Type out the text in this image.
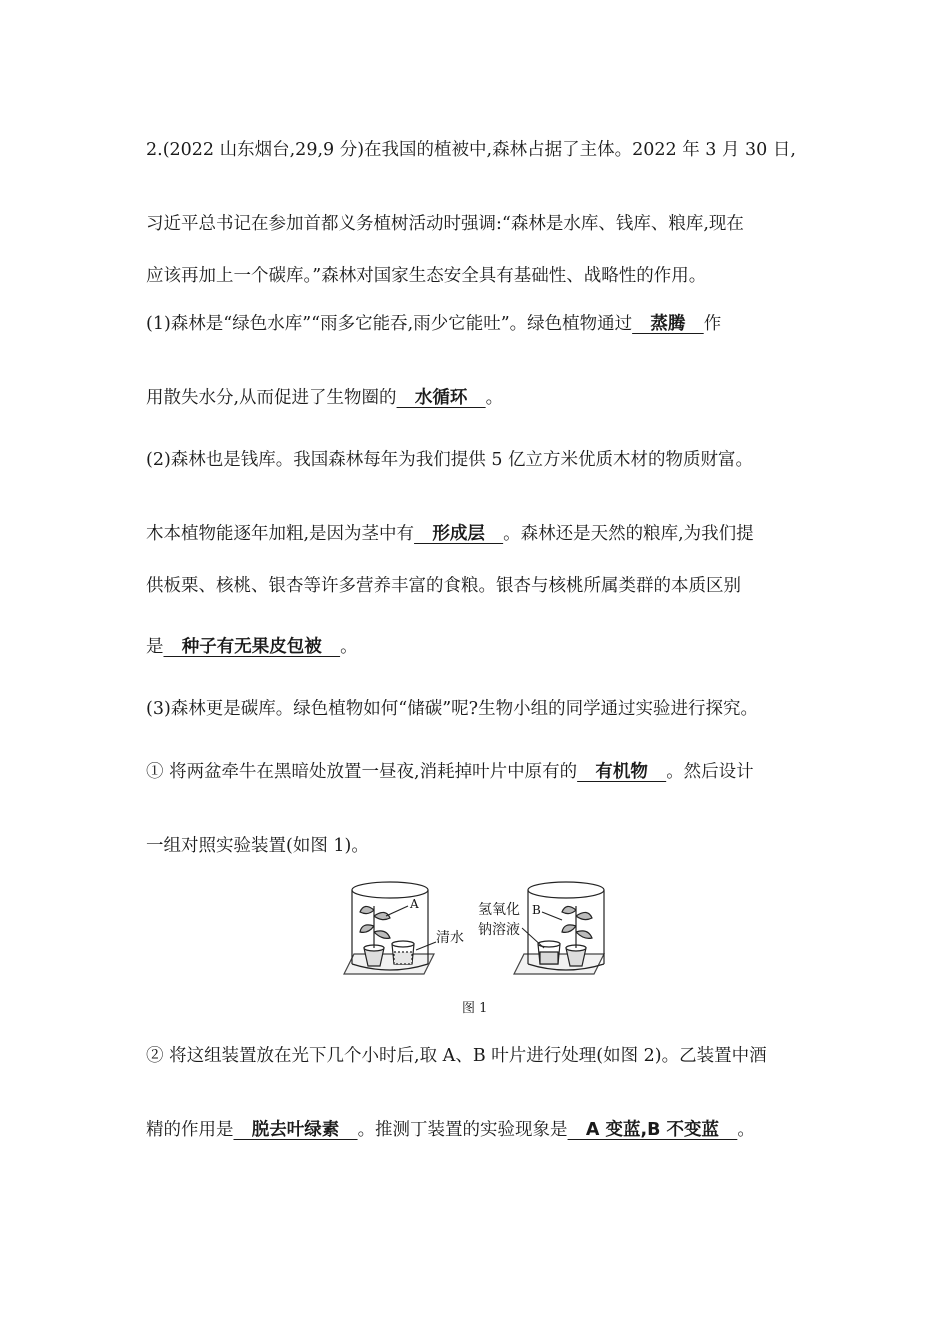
2.(2022 山东烟台,29,9 分)在我国的植被中,森林占据了主体。2022 年 3 月 30 日,
习近平总书记在参加首都义务植树活动时强调:“森林是水库、钱库、粮库,现在
应该再加上一个碳库。”森林对国家生态安全具有基础性、战略性的作用。
(1)森林是“绿色水库”“雨多它能吞,雨少它能吐”。绿色植物通过   蒸腾   作
用散失水分,从而促进了生物圈的   水循环   。
(2)森林也是钱库。我国森林每年为我们提供 5 亿立方米优质木材的物质财富。
木本植物能逐年加粗,是因为茎中有   形成层   。森林还是天然的粮库,为我们提
供板栗、核桃、银杏等许多营养丰富的食粮。银杏与核桃所属类群的本质区别
是   种子有无果皮包被   。
(3)森林更是碳库。绿色植物如何“储碳”呢?生物小组的同学通过实验进行探究。
① 将两盆牵牛在黑暗处放置一昼夜,消耗掉叶片中原有的   有机物   。然后设计
一组对照实验装置(如图 1)。
A
清水
B
氢氧化
钠溶液
图 1
② 将这组装置放在光下几个小时后,取 A、B 叶片进行处理(如图 2)。乙装置中酒
精的作用是   脱去叶绿素   。推测丁装置的实验现象是   A 变蓝,B 不变蓝   。
